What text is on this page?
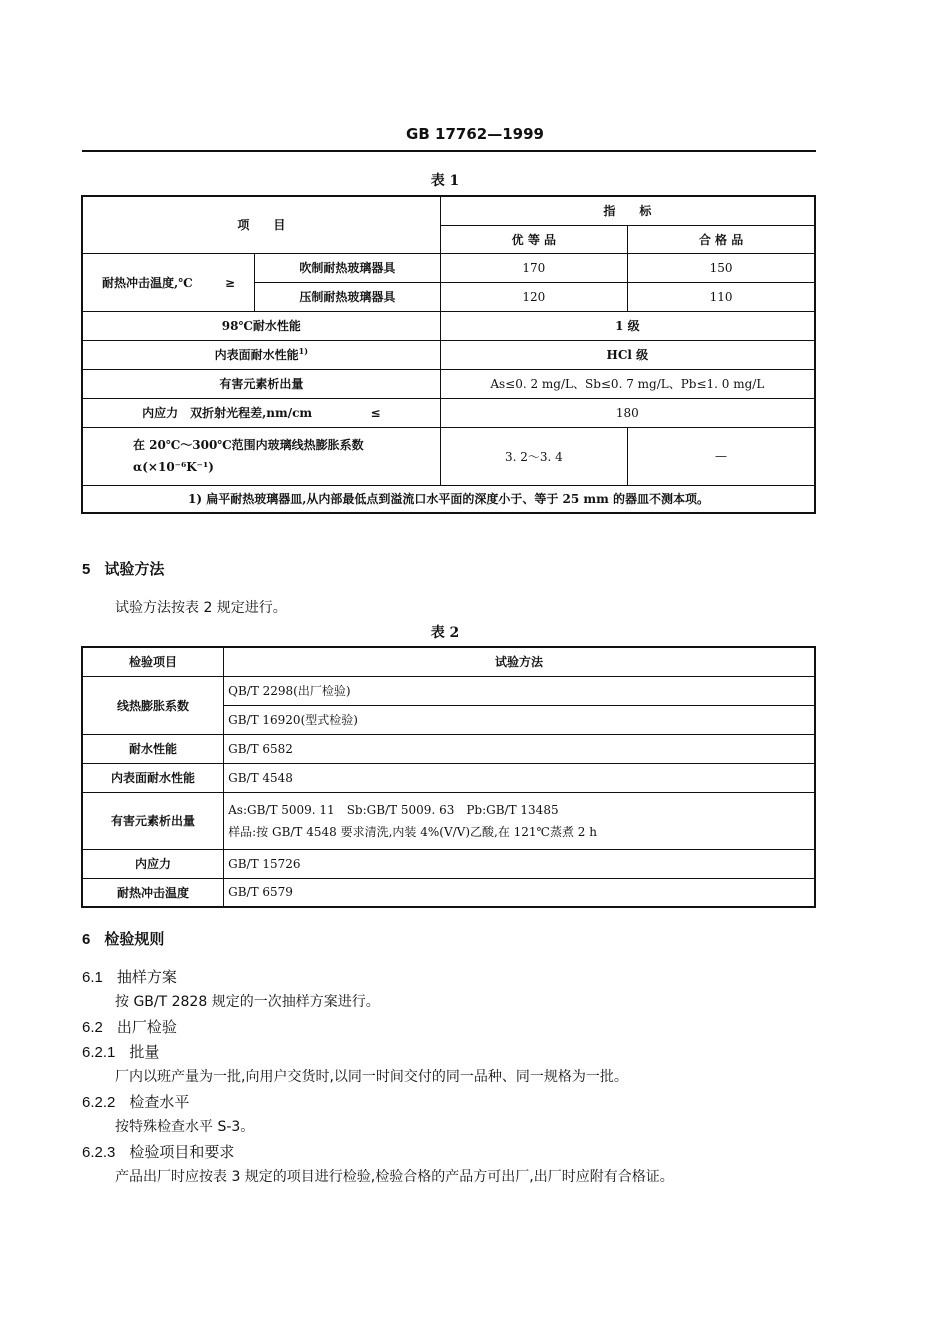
GB 17762—1999
表 1
项　　目		指　　标	
		优 等 品	合 格 品
耐热冲击温度,℃ ≥	吹制耐热玻璃器具	170	150
	压制耐热玻璃器具	120	110
98℃耐水性能		1 级	
内表面耐水性能$^{1)}$		HCl 级	
有害元素析出量		As≤0. 2 mg/L、Sb≤0. 7 mg/L、Pb≤1. 0 mg/L	
内应力　双折射光程差,nm/cm ≤		180	

在 20℃～300℃范围内玻璃线热膨胀系数
α(×10⁻⁶K⁻¹)		3. 2～3. 4	—
1) 扁平耐热玻璃器皿,从内部最低点到溢流口水平面的深度小于、等于 25 mm 的器皿不测本项。			
5 试验方法
试验方法按表 2 规定进行。
表 2
检验项目	试验方法
线热膨胀系数	QB/T 2298(出厂检验)
	GB/T 16920(型式检验)
耐水性能	GB/T 6582
内表面耐水性能	GB/T 4548
有害元素析出量	As:GB/T 5009. 11　Sb:GB/T 5009. 63　Pb:GB/T 13485
样品:按 GB/T 4548 要求清洗,内装 4%(V/V)乙酸,在 121℃蒸煮 2 h

内应力	GB/T 15726
耐热冲击温度	GB/T 6579
6 检验规则
6.1 抽样方案
按 GB/T 2828 规定的一次抽样方案进行。
6.2 出厂检验
6.2.1 批量
厂内以班产量为一批,向用户交货时,以同一时间交付的同一品种、同一规格为一批。
6.2.2 检查水平
按特殊检查水平 S-3。
6.2.3 检验项目和要求
产品出厂时应按表 3 规定的项目进行检验,检验合格的产品方可出厂,出厂时应附有合格证。
